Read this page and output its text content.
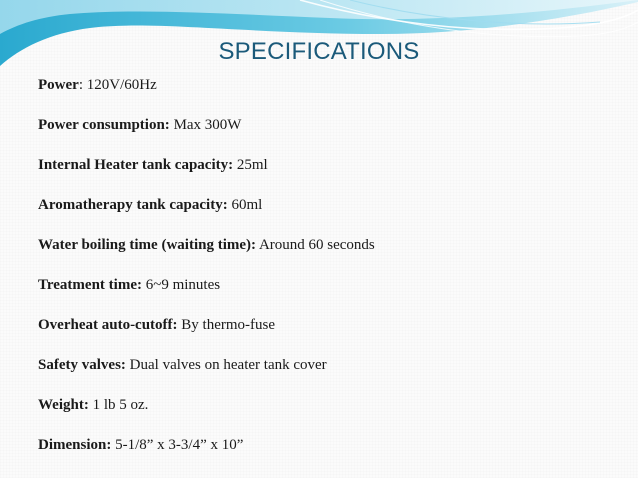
SPECIFICATIONS
Power: 120V/60Hz
Power consumption: Max 300W
Internal Heater tank capacity: 25ml
Aromatherapy tank capacity: 60ml
Water boiling time (waiting time): Around 60 seconds
Treatment time: 6~9 minutes
Overheat auto-cutoff: By thermo-fuse
Safety valves: Dual valves on heater tank cover
Weight: 1 lb 5 oz.
Dimension: 5-1/8” x 3-3/4” x 10”
